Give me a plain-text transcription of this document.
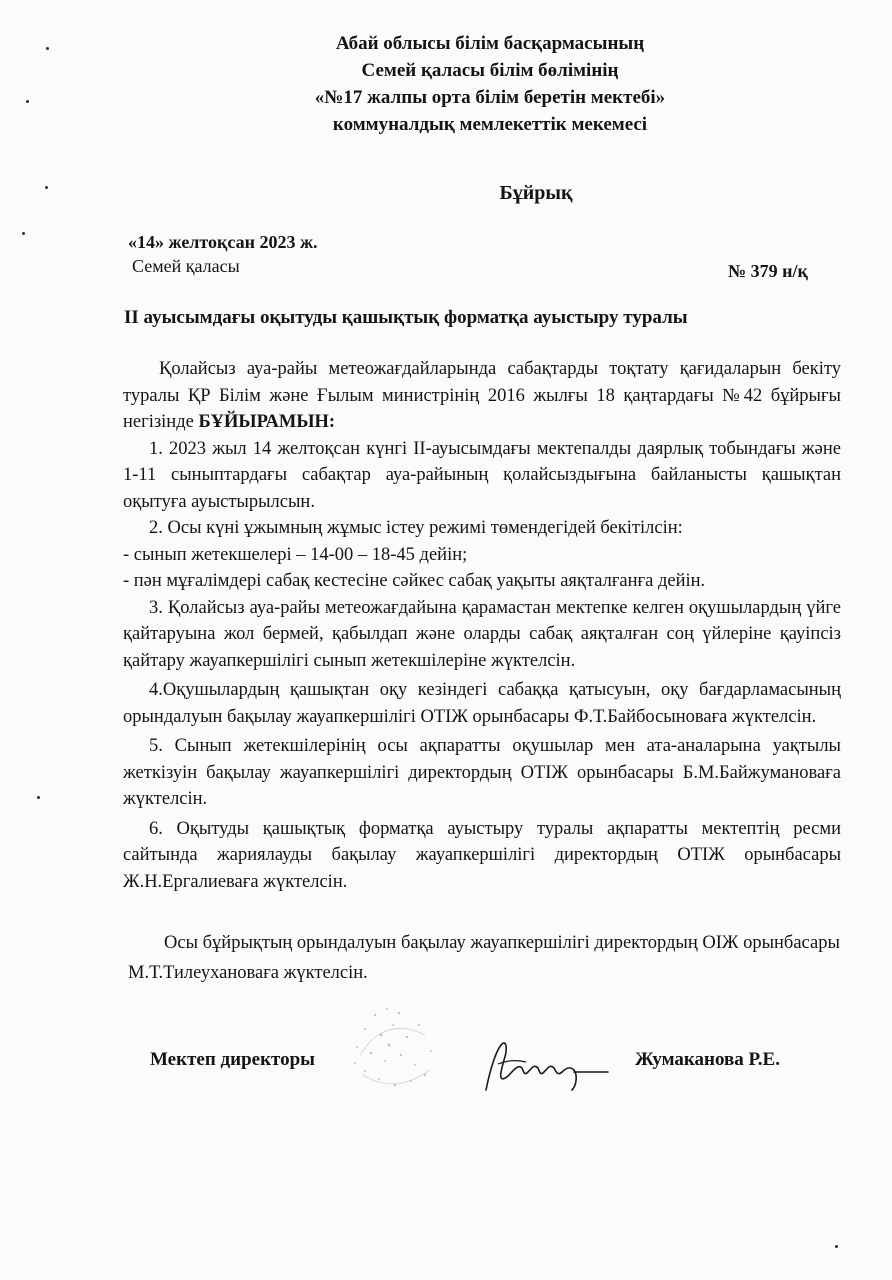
Абай облысы білім басқармасының
Семей қаласы білім бөлімінің
«№17 жалпы орта білім беретін мектебі»
коммуналдық мемлекеттік мекемесі
Бұйрық
«14» желтоқсан 2023 ж.
Семей қаласы	№ 379 н/қ
ІІ ауысымдағы оқытуды қашықтық форматқа ауыстыру туралы

Қолайсыз ауа-райы метеожағдайларында сабақтарды тоқтату қағидаларын бекіту туралы ҚР Білім және Ғылым министрінің 2016 жылғы 18 қаңтардағы №42 бұйрығы негізінде БҰЙЫРАМЫН:

1. 2023 жыл 14 желтоқсан күнгі ІІ-ауысымдағы мектепалды даярлық тобындағы және 1-11 сыныптардағы сабақтар ауа-райының қолайсыздығына байланысты қашықтан оқытуға ауыстырылсын.

2. Осы күні ұжымның жұмыс істеу режимі төмендегідей бекітілсін:

- сынып жетекшелері – 14-00 – 18-45 дейін;

- пән мұғалімдері сабақ кестесіне сәйкес сабақ уақыты аяқталғанға дейін.

3. Қолайсыз ауа-райы метеожағдайына қарамастан мектепке келген оқушылардың үйге қайтаруына жол бермей, қабылдап және оларды сабақ аяқталған соң үйлеріне қауіпсіз қайтару жауапкершілігі сынып жетекшілеріне жүктелсін.

4.Оқушылардың қашықтан оқу кезіндегі сабаққа қатысуын, оқу бағдарламасының орындалуын бақылау жауапкершілігі ОТІЖ орынбасары Ф.Т.Байбосыноваға жүктелсін.

5. Сынып жетекшілерінің осы ақпаратты оқушылар мен ата-аналарына уақтылы жеткізуін бақылау жауапкершілігі директордың ОТІЖ орынбасары Б.М.Байжумановаға жүктелсін.

6. Оқытуды қашықтық форматқа ауыстыру туралы ақпаратты мектептің ресми сайтында жариялауды бақылау жауапкершілігі директордың ОТІЖ орынбасары Ж.Н.Ергалиеваға жүктелсін.

Осы бұйрықтың орындалуын бақылау жауапкершілігі директордың ОІЖ орынбасары М.Т.Тилеухановаға жүктелсін.

Мектеп директоры	Жумаканова Р.Е.
